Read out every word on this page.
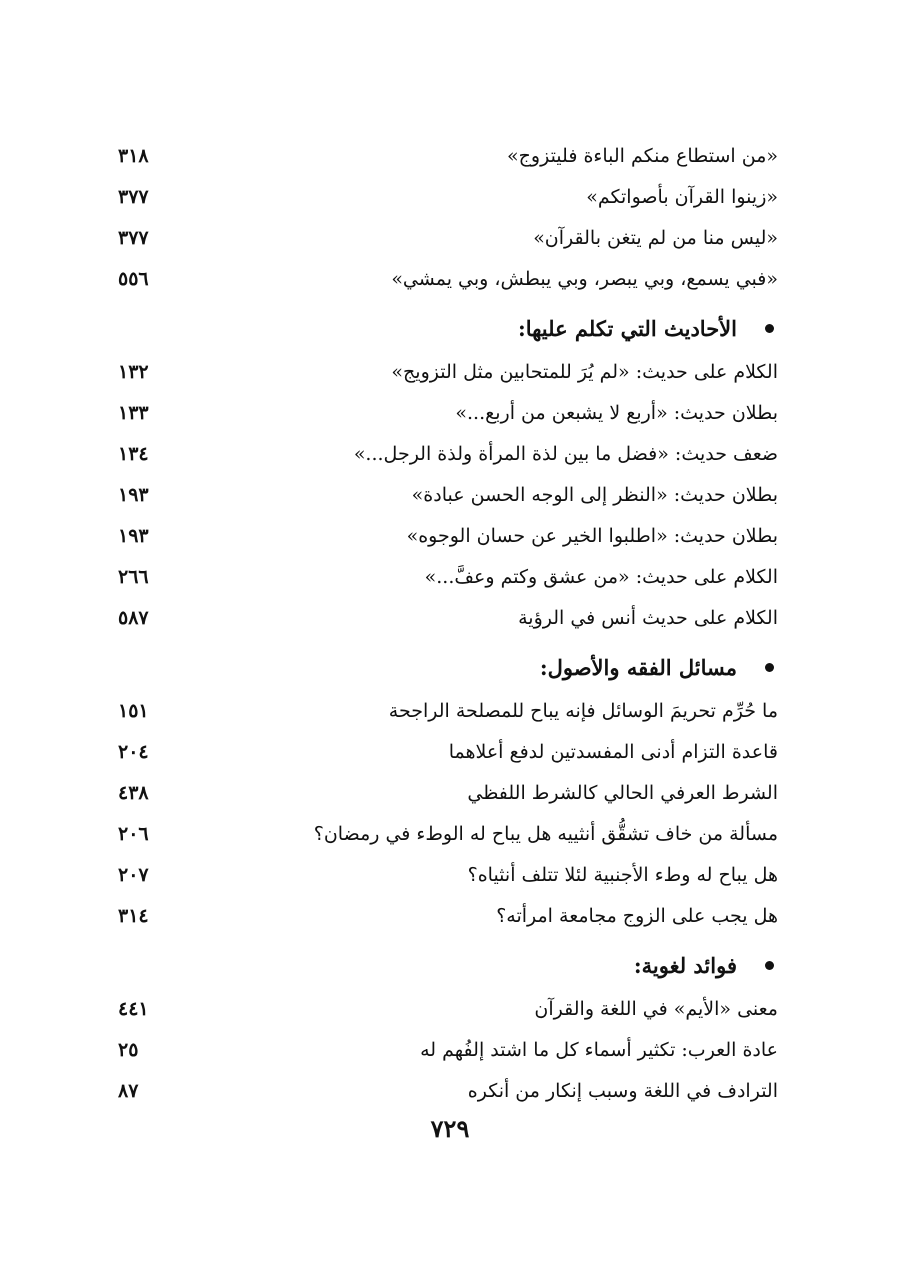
«من استطاع منكم الباءة فليتزوج»
٣١٨
«زينوا القرآن بأصواتكم»
٣٧٧
«ليس منا من لم يتغن بالقرآن»
٣٧٧
«فبي يسمع، وبي يبصر، وبي يبطش، وبي يمشي»
٥٥٦
الأحاديث التي تكلم عليها:
الكلام على حديث: «لم يُرَ للمتحابين مثل التزويج»
١٣٢
بطلان حديث: «أربع لا يشبعن من أربع...»
١٣٣
ضعف حديث: «فضل ما بين لذة المرأة ولذة الرجل...»
١٣٤
بطلان حديث: «النظر إلى الوجه الحسن عبادة»
١٩٣
بطلان حديث: «اطلبوا الخير عن حسان الوجوه»
١٩٣
الكلام على حديث: «من عشق وكتم وعفَّ...»
٢٦٦
الكلام على حديث أنس في الرؤية
٥٨٧
مسائل الفقه والأصول:
ما حُرِّم تحريمَ الوسائل فإنه يباح للمصلحة الراجحة
١٥١
قاعدة التزام أدنى المفسدتين لدفع أعلاهما
٢٠٤
الشرط العرفي الحالي كالشرط اللفظي
٤٣٨
مسألة من خاف تشقُّق أنثييه هل يباح له الوطء في رمضان؟
٢٠٦
هل يباح له وطء الأجنبية لئلا تتلف أنثياه؟
٢٠٧
هل يجب على الزوج مجامعة امرأته؟
٣١٤
فوائد لغوية:
معنى «الأيم» في اللغة والقرآن
٤٤١
عادة العرب: تكثير أسماء كل ما اشتد إلفُهم له
٢٥
الترادف في اللغة وسبب إنكار من أنكره
٨٧
٧٢٩
